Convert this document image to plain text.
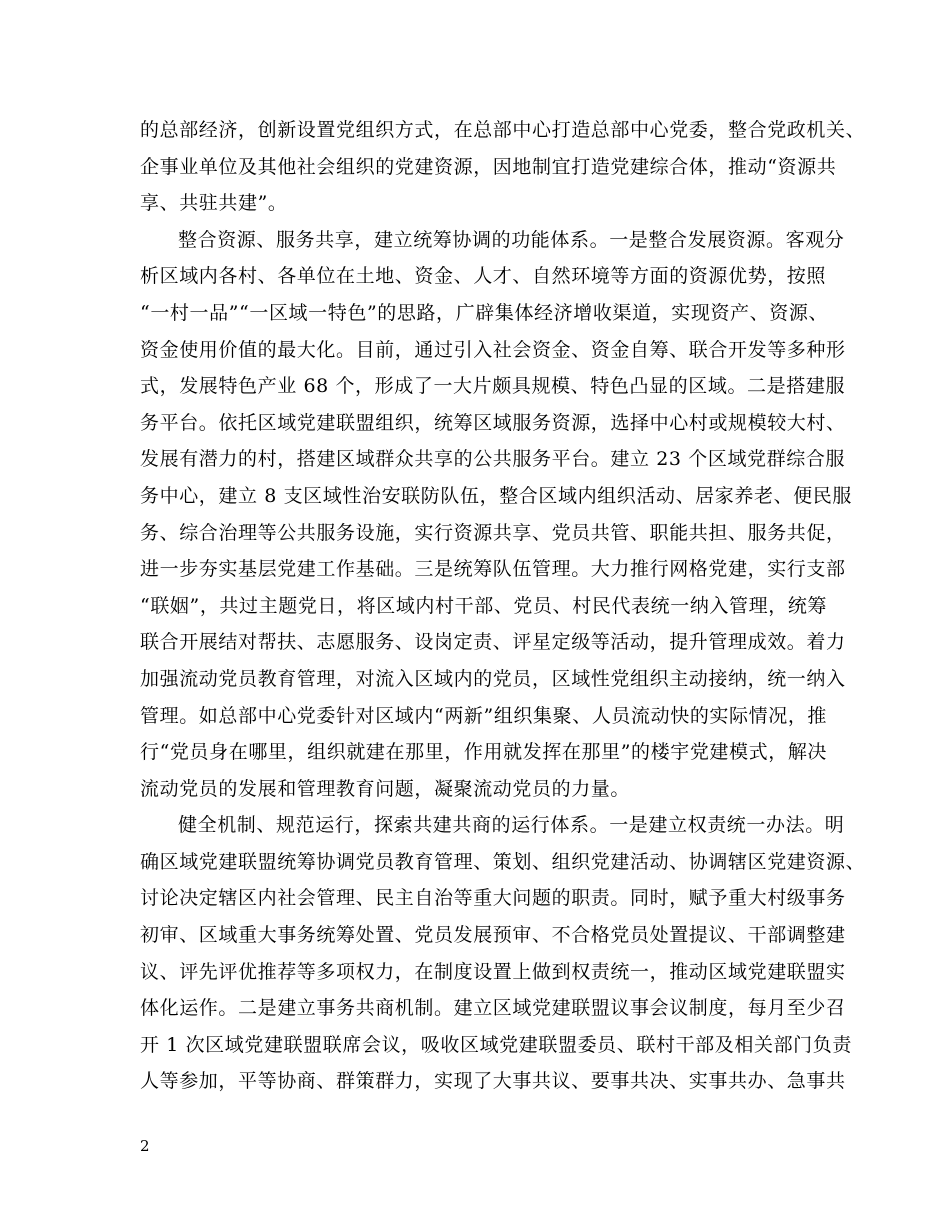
的总部经济，创新设置党组织方式，在总部中心打造总部中心党委，整合党政机关、
企事业单位及其他社会组织的党建资源，因地制宜打造党建综合体，推动“资源共
享、共驻共建”。
整合资源、服务共享，建立统筹协调的功能体系。一是整合发展资源。客观分
析区域内各村、各单位在土地、资金、人才、自然环境等方面的资源优势，按照
“一村一品”“一区域一特色”的思路，广辟集体经济增收渠道，实现资产、资源、
资金使用价值的最大化。目前，通过引入社会资金、资金自筹、联合开发等多种形
式，发展特色产业 68 个，形成了一大片颇具规模、特色凸显的区域。二是搭建服
务平台。依托区域党建联盟组织，统筹区域服务资源，选择中心村或规模较大村、
发展有潜力的村，搭建区域群众共享的公共服务平台。建立 23 个区域党群综合服
务中心，建立 8 支区域性治安联防队伍，整合区域内组织活动、居家养老、便民服
务、综合治理等公共服务设施，实行资源共享、党员共管、职能共担、服务共促，
进一步夯实基层党建工作基础。三是统筹队伍管理。大力推行网格党建，实行支部
“联姻”，共过主题党日，将区域内村干部、党员、村民代表统一纳入管理，统筹
联合开展结对帮扶、志愿服务、设岗定责、评星定级等活动，提升管理成效。着力
加强流动党员教育管理，对流入区域内的党员，区域性党组织主动接纳，统一纳入
管理。如总部中心党委针对区域内“两新”组织集聚、人员流动快的实际情况，推
行“党员身在哪里，组织就建在那里，作用就发挥在那里”的楼宇党建模式，解决
流动党员的发展和管理教育问题，凝聚流动党员的力量。
健全机制、规范运行，探索共建共商的运行体系。一是建立权责统一办法。明
确区域党建联盟统筹协调党员教育管理、策划、组织党建活动、协调辖区党建资源、
讨论决定辖区内社会管理、民主自治等重大问题的职责。同时，赋予重大村级事务
初审、区域重大事务统筹处置、党员发展预审、不合格党员处置提议、干部调整建
议、评先评优推荐等多项权力，在制度设置上做到权责统一，推动区域党建联盟实
体化运作。二是建立事务共商机制。建立区域党建联盟议事会议制度，每月至少召
开 1 次区域党建联盟联席会议，吸收区域党建联盟委员、联村干部及相关部门负责
人等参加，平等协商、群策群力，实现了大事共议、要事共决、实事共办、急事共
2
